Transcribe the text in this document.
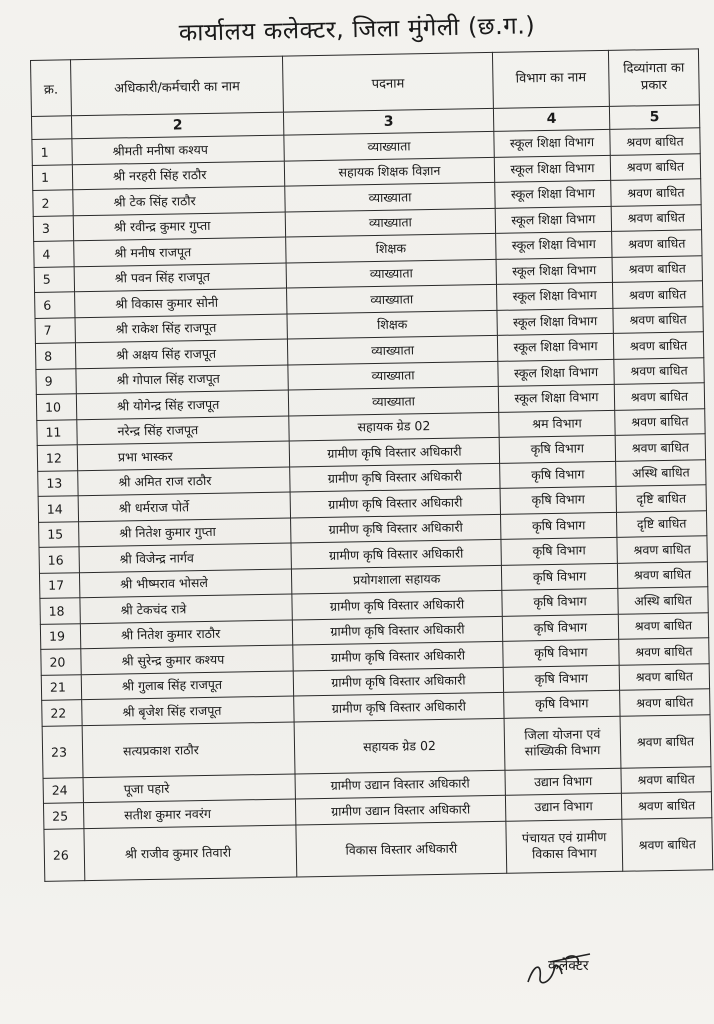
कार्यालय कलेक्टर, जिला मुंगेली (छ.ग.)
क्र.	अधिकारी/कर्मचारी का नाम	पदनाम	विभाग का नाम	दिव्यांगता का प्रकार
	2	3	4	5
1	श्रीमती मनीषा कश्यप	व्याख्याता	स्कूल शिक्षा विभाग	श्रवण बाधित
1	श्री नरहरी सिंह राठौर	सहायक शिक्षक विज्ञान	स्कूल शिक्षा विभाग	श्रवण बाधित
2	श्री टेक सिंह राठौर	व्याख्याता	स्कूल शिक्षा विभाग	श्रवण बाधित
3	श्री रवीन्द्र कुमार गुप्ता	व्याख्याता	स्कूल शिक्षा विभाग	श्रवण बाधित
4	श्री मनीष राजपूत	शिक्षक	स्कूल शिक्षा विभाग	श्रवण बाधित
5	श्री पवन सिंह राजपूत	व्याख्याता	स्कूल शिक्षा विभाग	श्रवण बाधित
6	श्री विकास कुमार सोनी	व्याख्याता	स्कूल शिक्षा विभाग	श्रवण बाधित
7	श्री राकेश सिंह राजपूत	शिक्षक	स्कूल शिक्षा विभाग	श्रवण बाधित
8	श्री अक्षय सिंह राजपूत	व्याख्याता	स्कूल शिक्षा विभाग	श्रवण बाधित
9	श्री गोपाल सिंह राजपूत	व्याख्याता	स्कूल शिक्षा विभाग	श्रवण बाधित
10	श्री योगेन्द्र सिंह राजपूत	व्याख्याता	स्कूल शिक्षा विभाग	श्रवण बाधित
11	नरेन्द्र सिंह राजपूत	सहायक ग्रेड 02	श्रम विभाग	श्रवण बाधित
12	प्रभा भास्कर	ग्रामीण कृषि विस्तार अधिकारी	कृषि विभाग	श्रवण बाधित
13	श्री अमित राज राठौर	ग्रामीण कृषि विस्तार अधिकारी	कृषि विभाग	अस्थि बाधित
14	श्री धर्मराज पोर्ते	ग्रामीण कृषि विस्तार अधिकारी	कृषि विभाग	दृष्टि बाधित
15	श्री नितेश कुमार गुप्ता	ग्रामीण कृषि विस्तार अधिकारी	कृषि विभाग	दृष्टि बाधित
16	श्री विजेन्द्र नार्गव	ग्रामीण कृषि विस्तार अधिकारी	कृषि विभाग	श्रवण बाधित
17	श्री भीष्मराव भोसले	प्रयोगशाला सहायक	कृषि विभाग	श्रवण बाधित
18	श्री टेकचंद रात्रे	ग्रामीण कृषि विस्तार अधिकारी	कृषि विभाग	अस्थि बाधित
19	श्री नितेश कुमार राठौर	ग्रामीण कृषि विस्तार अधिकारी	कृषि विभाग	श्रवण बाधित
20	श्री सुरेन्द्र कुमार कश्यप	ग्रामीण कृषि विस्तार अधिकारी	कृषि विभाग	श्रवण बाधित
21	श्री गुलाब सिंह राजपूत	ग्रामीण कृषि विस्तार अधिकारी	कृषि विभाग	श्रवण बाधित
22	श्री बृजेश सिंह राजपूत	ग्रामीण कृषि विस्तार अधिकारी	कृषि विभाग	श्रवण बाधित
23	सत्यप्रकाश राठौर	सहायक ग्रेड 02	जिला योजना एवं सांख्यिकी विभाग	श्रवण बाधित
24	पूजा पहारे	ग्रामीण उद्यान विस्तार अधिकारी	उद्यान विभाग	श्रवण बाधित
25	सतीश कुमार नवरंग	ग्रामीण उद्यान विस्तार अधिकारी	उद्यान विभाग	श्रवण बाधित
26	श्री राजीव कुमार तिवारी	विकास विस्तार अधिकारी	पंचायत एवं ग्रामीण विकास विभाग	श्रवण बाधित
कलेक्टर
